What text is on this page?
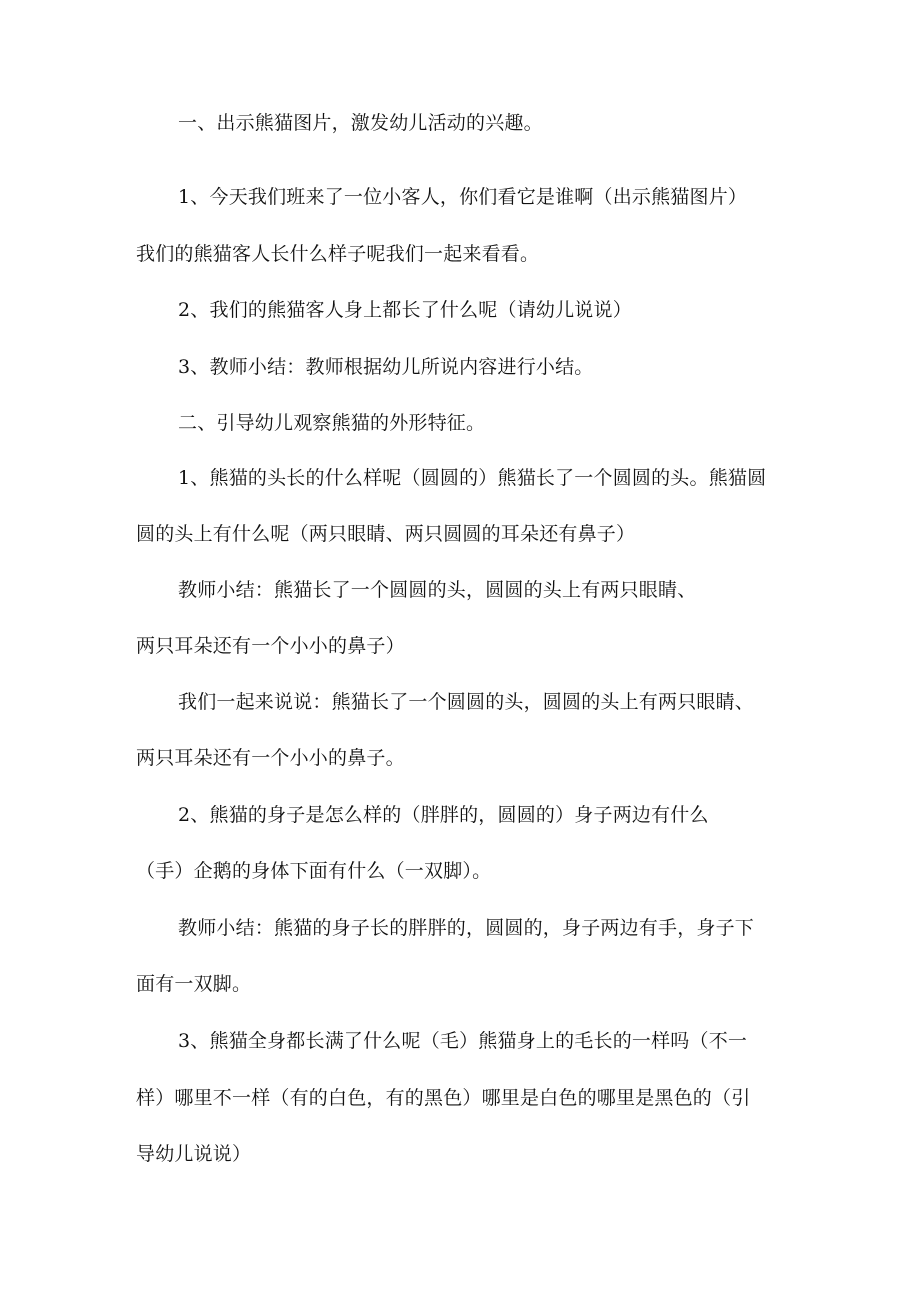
一、出示熊猫图片，激发幼儿活动的兴趣。
1、今天我们班来了一位小客人，你们看它是谁啊（出示熊猫图片）
我们的熊猫客人长什么样子呢我们一起来看看。
2、我们的熊猫客人身上都长了什么呢（请幼儿说说）
3、教师小结：教师根据幼儿所说内容进行小结。
二、引导幼儿观察熊猫的外形特征。
1、熊猫的头长的什么样呢（圆圆的）熊猫长了一个圆圆的头。熊猫圆
圆的头上有什么呢（两只眼睛、两只圆圆的耳朵还有鼻子）
教师小结：熊猫长了一个圆圆的头，圆圆的头上有两只眼睛、
两只耳朵还有一个小小的鼻子）
我们一起来说说：熊猫长了一个圆圆的头，圆圆的头上有两只眼睛、
两只耳朵还有一个小小的鼻子。
2、熊猫的身子是怎么样的（胖胖的，圆圆的）身子两边有什么
（手）企鹅的身体下面有什么（一双脚）。
教师小结：熊猫的身子长的胖胖的，圆圆的，身子两边有手，身子下
面有一双脚。
3、熊猫全身都长满了什么呢（毛）熊猫身上的毛长的一样吗（不一
样）哪里不一样（有的白色，有的黑色）哪里是白色的哪里是黑色的（引
导幼儿说说）
